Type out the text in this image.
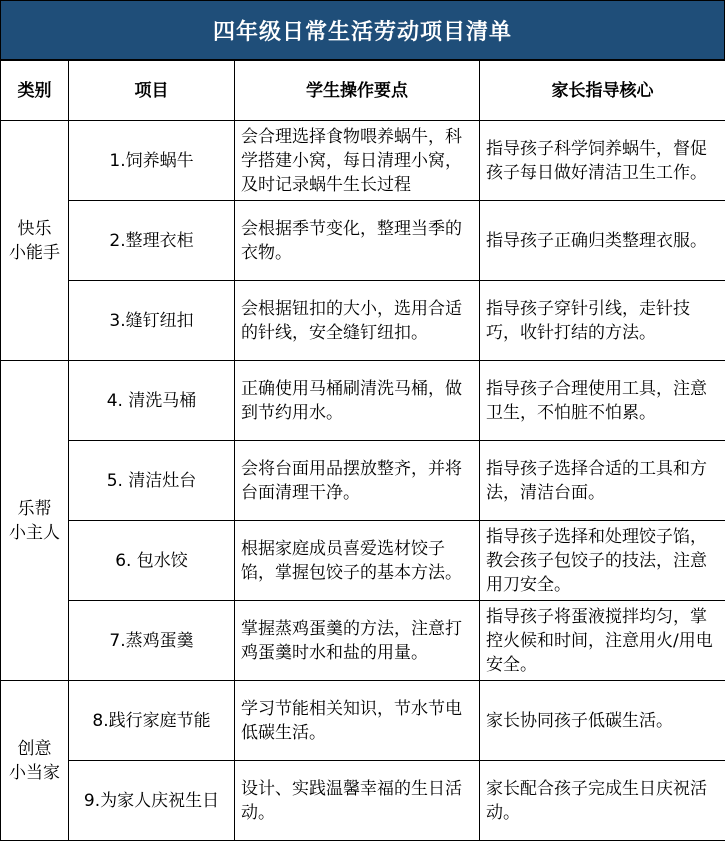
四年级日常生活劳动项目清单
类别	项目	学生操作要点	家长指导核心
快乐
小能手	1.饲养蜗牛	会合理选择食物喂养蜗牛，科学搭建小窝，每日清理小窝，及时记录蜗牛生长过程	指导孩子科学饲养蜗牛，督促孩子每日做好清洁卫生工作。
	2.整理衣柜	会根据季节变化，整理当季的衣物。	指导孩子正确归类整理衣服。
	3.缝钉纽扣	会根据钮扣的大小，选用合适的针线，安全缝钉纽扣。	指导孩子穿针引线，走针技巧，收针打结的方法。
乐帮
小主人	4. 清洗马桶	正确使用马桶刷清洗马桶，做到节约用水。	指导孩子合理使用工具，注意卫生，不怕脏不怕累。
	5. 清洁灶台	会将台面用品摆放整齐，并将台面清理干净。	指导孩子选择合适的工具和方法，清洁台面。
	6. 包水饺	根据家庭成员喜爱选材饺子馅，掌握包饺子的基本方法。	指导孩子选择和处理饺子馅，教会孩子包饺子的技法，注意用刀安全。
	7.蒸鸡蛋羹	掌握蒸鸡蛋羹的方法，注意打鸡蛋羹时水和盐的用量。	指导孩子将蛋液搅拌均匀，掌控火候和时间，注意用火/用电安全。
创意
小当家	8.践行家庭节能	学习节能相关知识，节水节电低碳生活。	家长协同孩子低碳生活。
	9.为家人庆祝生日	设计、实践温馨幸福的生日活动。	家长配合孩子完成生日庆祝活动。
